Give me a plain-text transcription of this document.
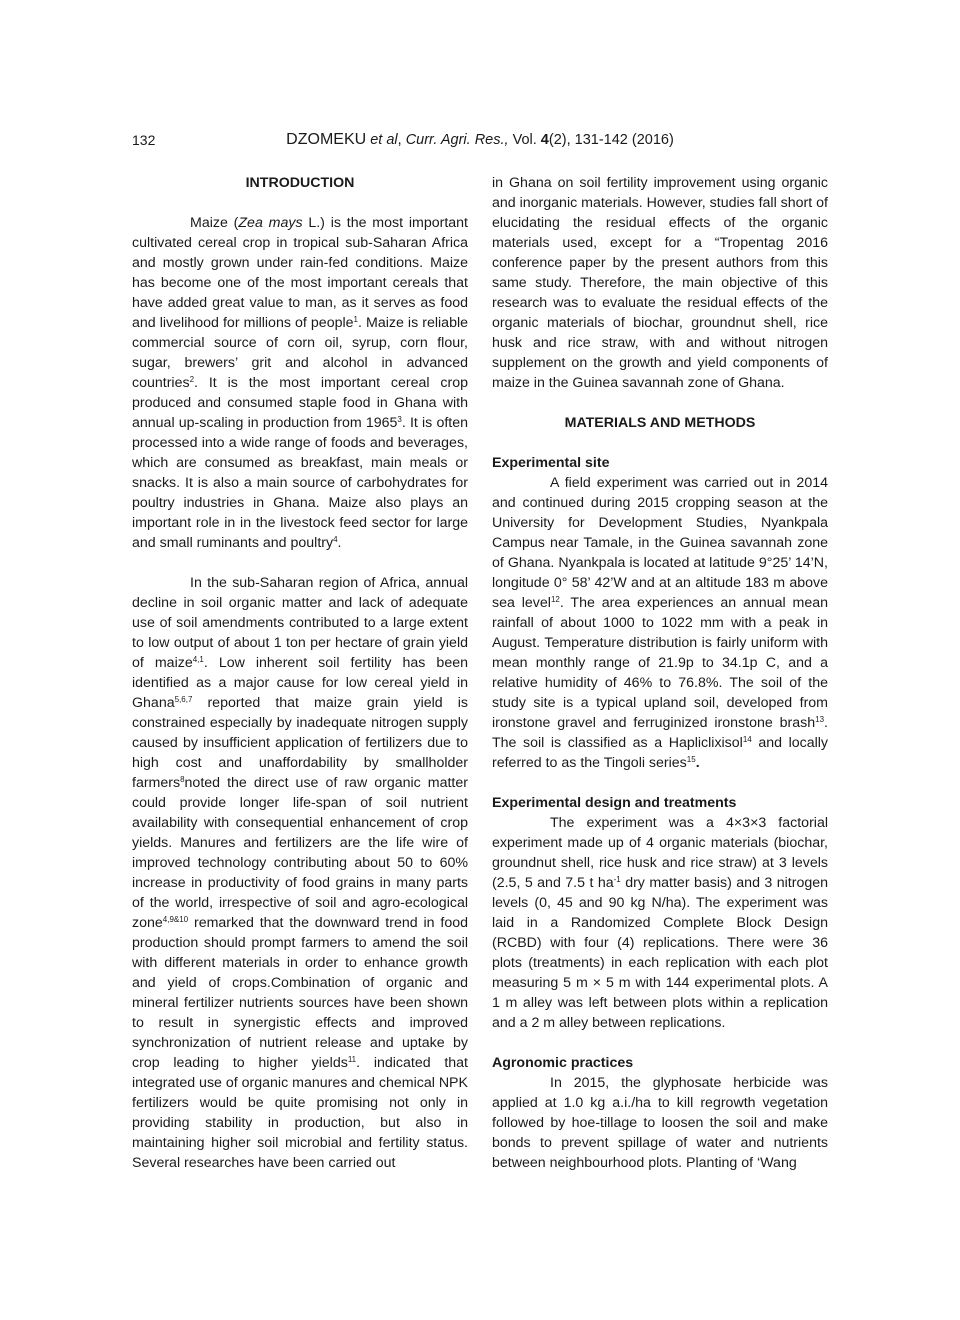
132	DZOMEKU et al, Curr. Agri. Res., Vol. 4(2), 131-142 (2016)
INTRODUCTION

Maize (Zea mays L.) is the most important cultivated cereal crop in tropical sub-Saharan Africa and mostly grown under rain-fed conditions. Maize has become one of the most important cereals that have added great value to man, as it serves as food and livelihood for millions of people$^1$. Maize is reliable commercial source of corn oil, syrup, corn flour, sugar, brewers’ grit and alcohol in advanced countries$^2$. It is the most important cereal crop produced and consumed staple food in Ghana with annual up-scaling in production from 1965$^3$. It is often processed into a wide range of foods and beverages, which are consumed as breakfast, main meals or snacks. It is also a main source of carbohydrates for poultry industries in Ghana. Maize also plays an important role in in the livestock feed sector for large and small ruminants and poultry$^4$.

In the sub-Saharan region of Africa, annual decline in soil organic matter and lack of adequate use of soil amendments contributed to a large extent to low output of about 1 ton per hectare of grain yield of maize$^{4,1}$. Low inherent soil fertility has been identified as a major cause for low cereal yield in Ghana$^{5,6,7}$ reported that maize grain yield is constrained especially by inadequate nitrogen supply caused by insufficient application of fertilizers due to high cost and unaffordability by smallholder farmers$^8$noted the direct use of raw organic matter could provide longer life-span of soil nutrient availability with consequential enhancement of crop yields. Manures and fertilizers are the life wire of improved technology contributing about 50 to 60% increase in productivity of food grains in many parts of the world, irrespective of soil and agro-ecological zone$^{4,9\&10}$ remarked that the downward trend in food production should prompt farmers to amend the soil with different materials in order to enhance growth and yield of crops.Combination of organic and mineral fertilizer nutrients sources have been shown to result in synergistic effects and improved synchronization of nutrient release and uptake by crop leading to higher yields$^{11}$. indicated that integrated use of organic manures and chemical NPK fertilizers would be quite promising not only in providing stability in production, but also in maintaining higher soil microbial and fertility status. Several researches have been carried out

in Ghana on soil fertility improvement using organic and inorganic materials. However, studies fall short of elucidating the residual effects of the organic materials used, except for a “Tropentag 2016 conference paper by the present authors from this same study. Therefore, the main objective of this research was to evaluate the residual effects of the organic materials of biochar, groundnut shell, rice husk and rice straw, with and without nitrogen supplement on the growth and yield components of maize in the Guinea savannah zone of Ghana.

MATERIALS AND METHODS
Experimental site

A field experiment was carried out in 2014 and continued during 2015 cropping season at the University for Development Studies, Nyankpala Campus near Tamale, in the Guinea savannah zone of Ghana. Nyankpala is located at latitude 9°25’ 14’N, longitude 0° 58’ 42’W and at an altitude 183 m above sea level$^{12}$. The area experiences an annual mean rainfall of about 1000 to 1022 mm with a peak in August. Temperature distribution is fairly uniform with mean monthly range of 21.9p to 34.1p C, and a relative humidity of 46% to 76.8%. The soil of the study site is a typical upland soil, developed from ironstone gravel and ferruginized ironstone brash$^{13}$. The soil is classified as a Hapliclixisol$^{14}$ and locally referred to as the Tingoli series$^{15}$.

Experimental design and treatments

The experiment was a 4×3×3 factorial experiment made up of 4 organic materials (biochar, groundnut shell, rice husk and rice straw) at 3 levels (2.5, 5 and 7.5 t $ha^{-1}$ dry matter basis) and 3 nitrogen levels (0, 45 and 90 kg N/ha). The experiment was laid in a Randomized Complete Block Design (RCBD) with four (4) replications. There were 36 plots (treatments) in each replication with each plot measuring 5 m × 5 m with 144 experimental plots. A 1 m alley was left between plots within a replication and a 2 m alley between replications.

Agronomic practices

In 2015, the glyphosate herbicide was applied at 1.0 kg a.i./ha to kill regrowth vegetation followed by hoe-tillage to loosen the soil and make bonds to prevent spillage of water and nutrients between neighbourhood plots. Planting of ‘Wang
